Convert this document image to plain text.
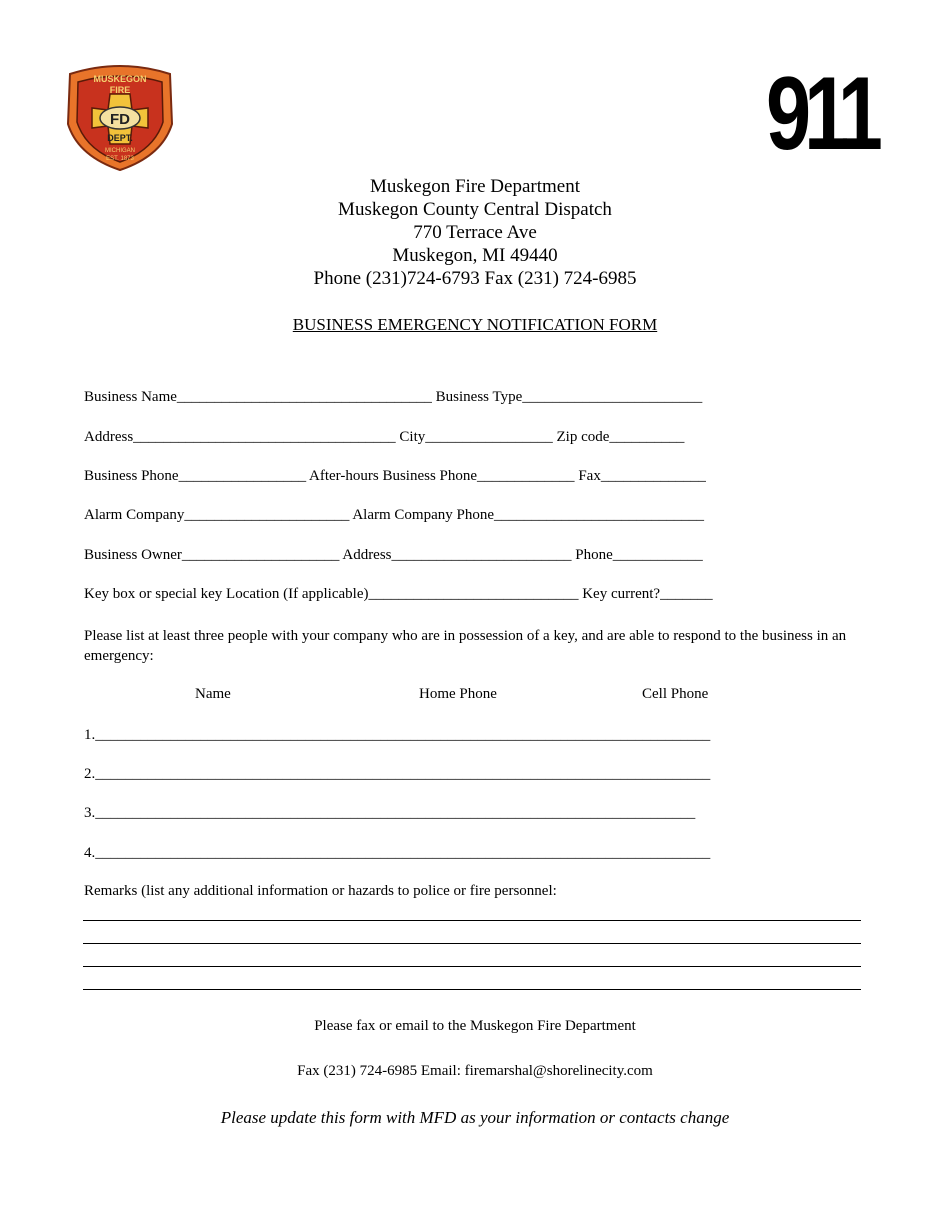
FD
MUSKEGON
FIRE
DEPT.
MICHIGAN
EST. 1873	911
Muskegon Fire Department
Muskegon County Central Dispatch
770 Terrace Ave
Muskegon, MI 49440
Phone (231)724-6793 Fax (231) 724-6985
BUSINESS EMERGENCY NOTIFICATION FORM
Business Name__________________________________ Business Type________________________
Address___________________________________ City_________________ Zip code__________
Business Phone_________________ After-hours Business Phone_____________ Fax______________
Alarm Company______________________ Alarm Company Phone____________________________
Business Owner_____________________ Address________________________ Phone____________
Key box or special key Location (If applicable)____________________________ Key current?_______
Please list at least three people with your company who are in possession of a key, and are able to respond to the business in an emergency:
Name	Home Phone	Cell Phone
1.__________________________________________________________________________________
2.__________________________________________________________________________________
3.________________________________________________________________________________
4.__________________________________________________________________________________
Remarks (list any additional information or hazards to police or fire personnel:
Please fax or email to the Muskegon Fire Department
Fax (231) 724-6985 Email: firemarshal@shorelinecity.com
Please update this form with MFD as your information or contacts change
